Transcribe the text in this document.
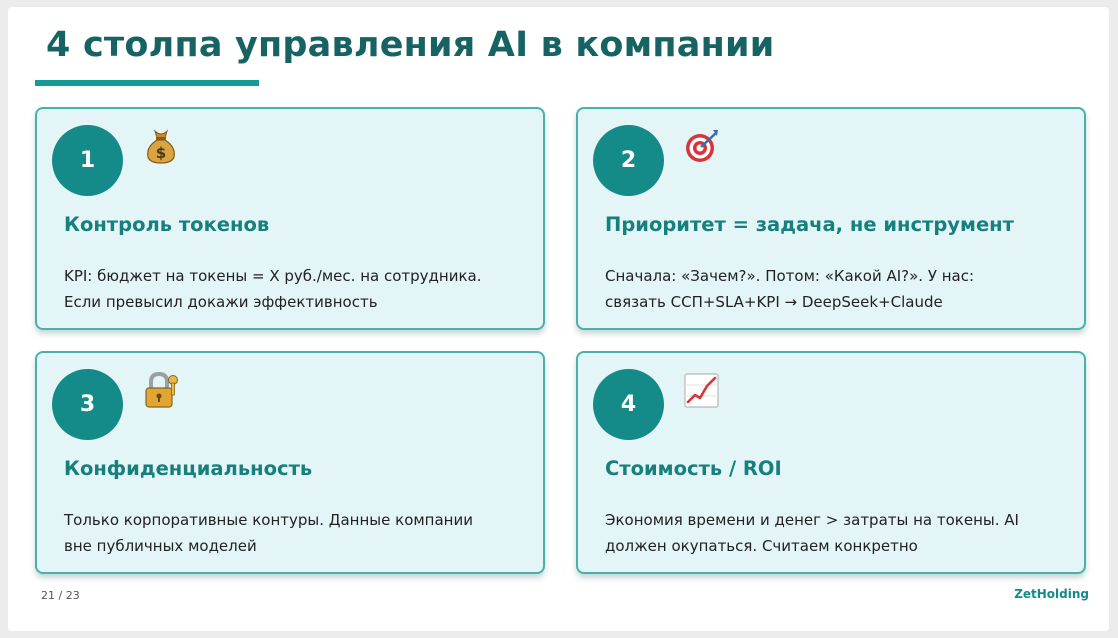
4 столпа управления AI в компании
1	$
Контроль токенов
KPI: бюджет на токены = X руб./мес. на сотрудника.
Если превысил докажи эффективность
2
Приоритет = задача, не инструмент
Сначала: «Зачем?». Потом: «Какой AI?». У нас:
связать ССП+SLA+KPI → DeepSeek+Claude
3
Конфиденциальность
Только корпоративные контуры. Данные компании
вне публичных моделей
4
Стоимость / ROI
Экономия времени и денег > затраты на токены. AI
должен окупаться. Считаем конкретно
21 / 23	ZetHolding
